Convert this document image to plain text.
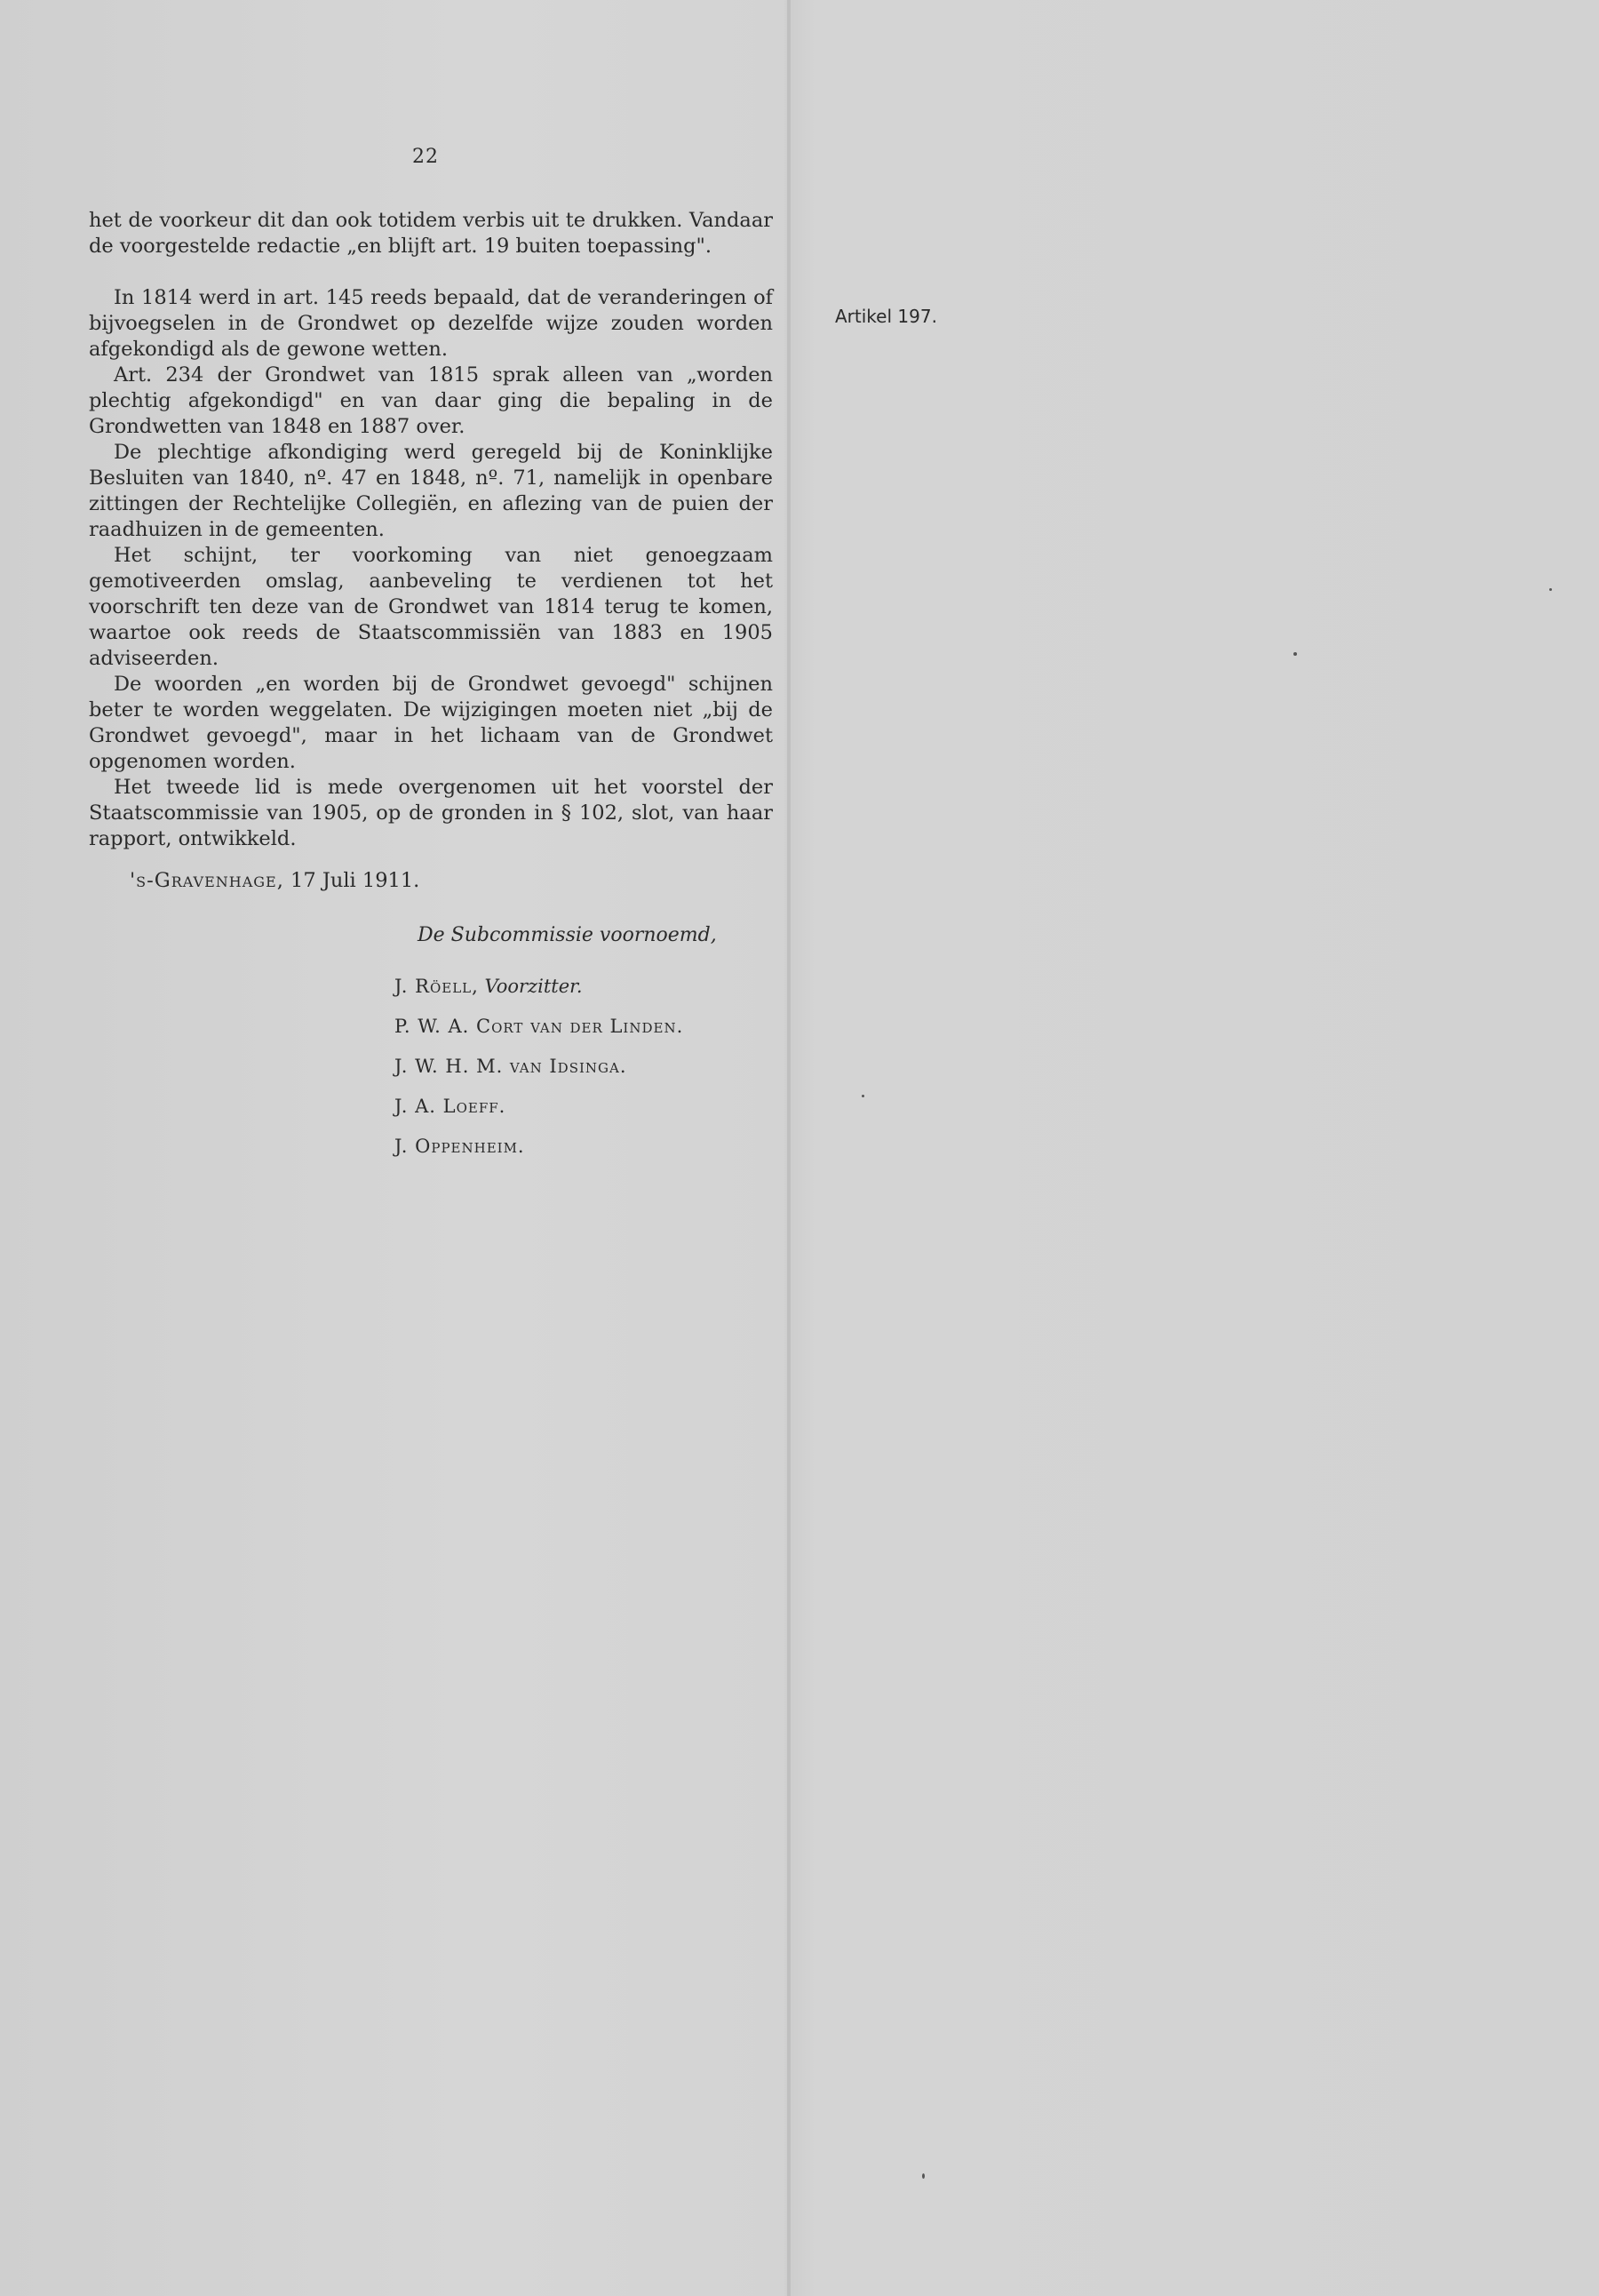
22
Artikel 197.

het de voorkeur dit dan ook totidem verbis uit te drukken. Vandaar de voorgestelde redactie „en blijft art. 19 buiten toepassing".

In 1814 werd in art. 145 reeds bepaald, dat de veranderingen of bijvoegselen in de Grondwet op dezelfde wijze zouden worden afgekondigd als de gewone wetten.

Art. 234 der Grondwet van 1815 sprak alleen van „worden plechtig afgekondigd" en van daar ging die bepaling in de Grondwetten van 1848 en 1887 over.

De plechtige afkondiging werd geregeld bij de Koninklijke Besluiten van 1840, nº. 47 en 1848, nº. 71, namelijk in openbare zittingen der Rechtelijke Collegiën, en aflezing van de puien der raadhuizen in de gemeenten.

Het schijnt, ter voorkoming van niet genoegzaam gemotiveerden omslag, aanbeveling te verdienen tot het voorschrift ten deze van de Grondwet van 1814 terug te komen, waartoe ook reeds de Staatscommissiën van 1883 en 1905 adviseerden.

De woorden „en worden bij de Grondwet gevoegd" schijnen beter te worden weggelaten. De wijzigingen moeten niet „bij de Grondwet gevoegd", maar in het lichaam van de Grondwet opgenomen worden.

Het tweede lid is mede overgenomen uit het voorstel der Staatscommissie van 1905, op de gronden in § 102, slot, van haar rapport, ontwikkeld.

's-Gravenhage, 17 Juli 1911.
De Subcommissie voornoemd,
J. Röell, Voorzitter.
P. W. A. Cort van der Linden.
J. W. H. M. van Idsinga.
J. A. Loeff.
J. Oppenheim.
